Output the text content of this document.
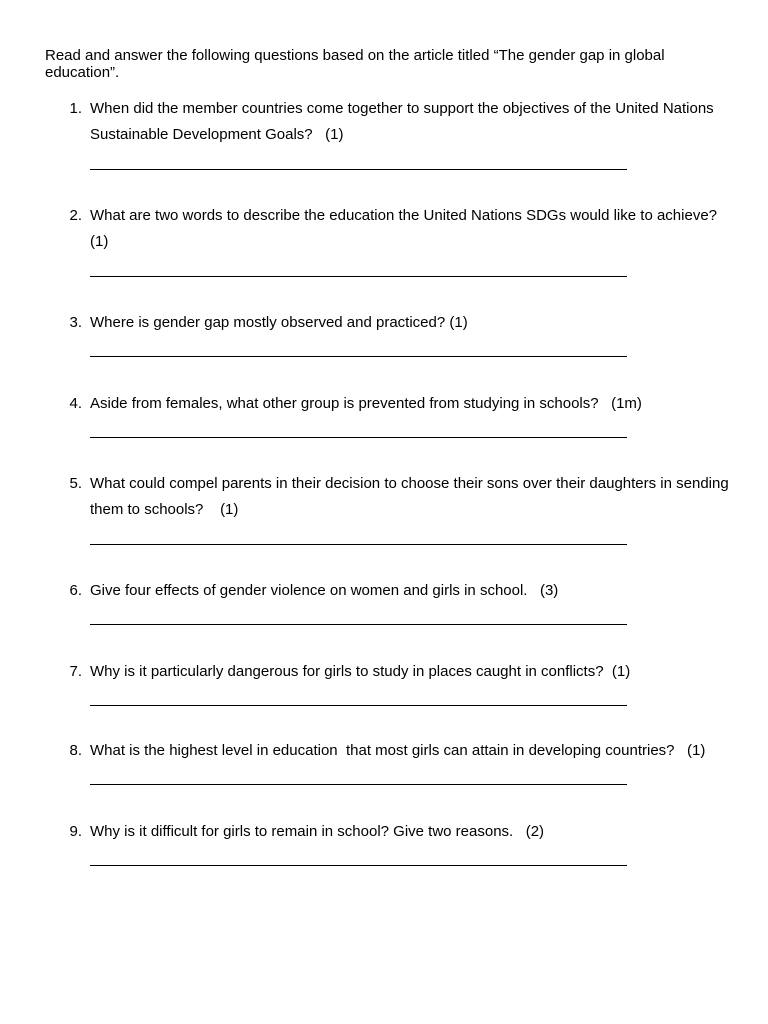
Read and answer the following questions based on the article titled “The gender gap in global education”.

1. When did the member countries come together to support the objectives of the United Nations Sustainable Development Goals?   (1)
2. What are two words to describe the education the United Nations SDGs would like to achieve? (1)
3. Where is gender gap mostly observed and practiced? (1)
4. Aside from females, what other group is prevented from studying in schools?   (1m)
5. What could compel parents in their decision to choose their sons over their daughters in sending them to schools?    (1)
6. Give four effects of gender violence on women and girls in school.   (3)
7. Why is it particularly dangerous for girls to study in places caught in conflicts?  (1)
8. What is the highest level in education  that most girls can attain in developing countries?   (1)
9. Why is it difficult for girls to remain in school? Give two reasons.   (2)
